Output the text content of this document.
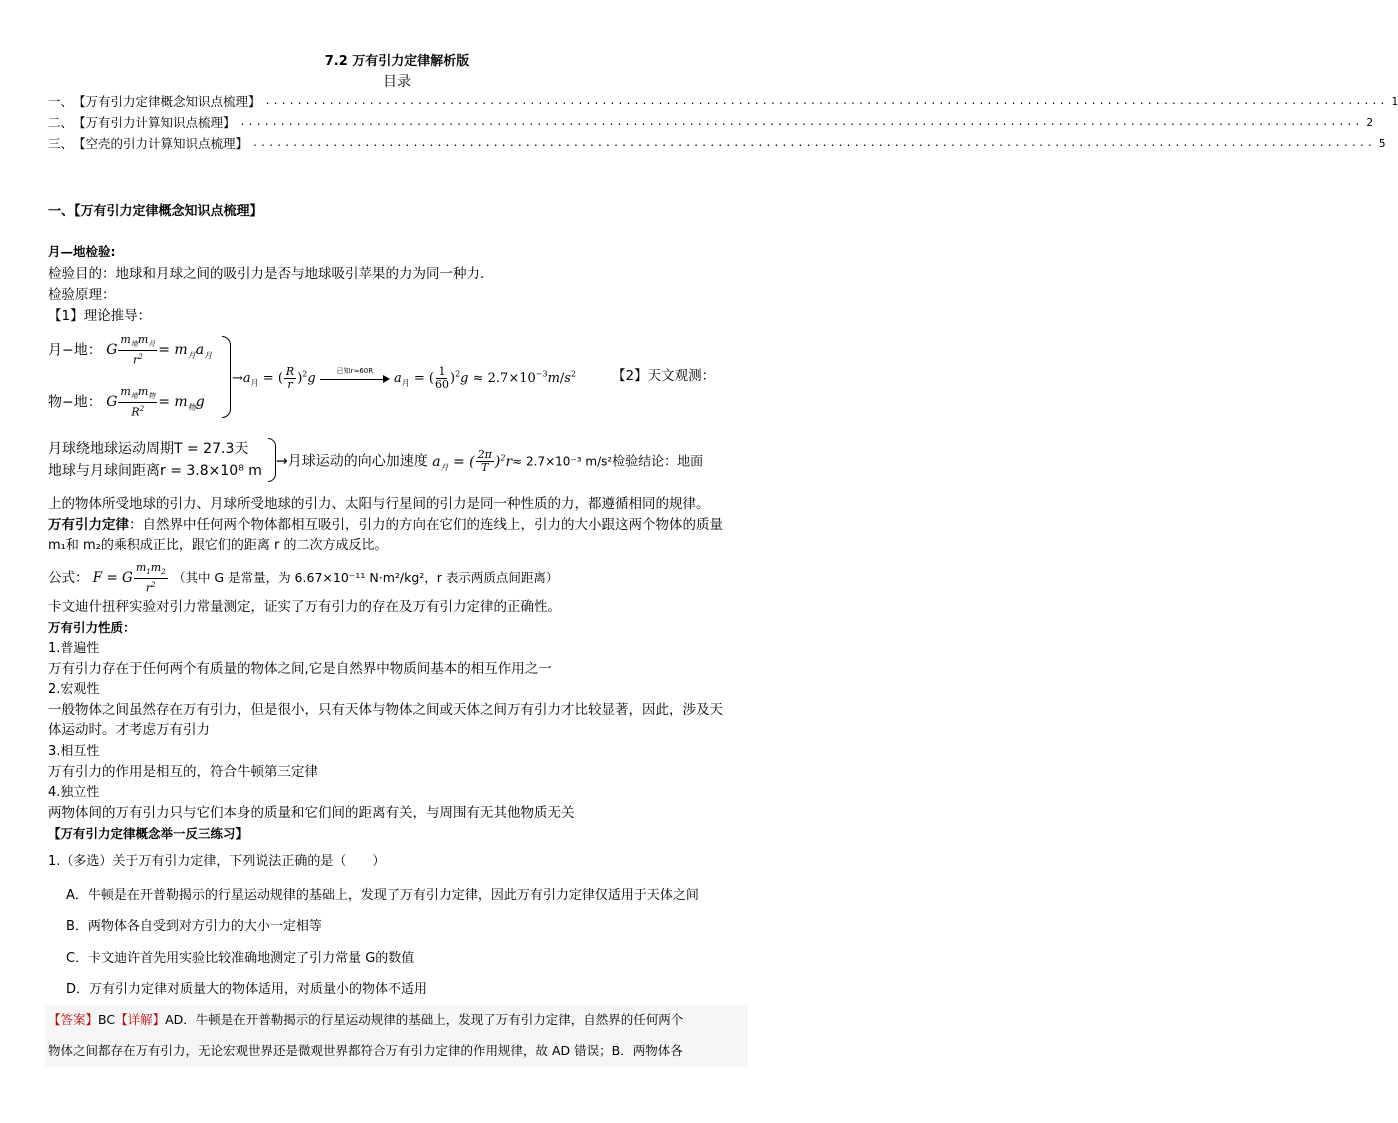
7.2 万有引力定律解析版
目录
一、 【万有引力定律概念知识点梳理】 ............................................................................................................................................ 1
二、 【万有引力计算知识点梳理】 ............................................................................................................................................ 2
三、 【空壳的引力计算知识点梳理】 ............................................................................................................................................ 5
一、【万有引力定律概念知识点梳理】
月—地检验:
检验目的：地球和月球之间的吸引力是否与地球吸引苹果的力为同一种力．
检验原理：
【1】理论推导：
月−地： G $\frac{m_地m_月}{r^2} = m_月a_月$
物−地： G $\frac{m_地m_物}{R^2} = m_物g$
$\to a_月$ = ( $\frac{R}{r} )^2g$
已知r≈60R
$a_月$ = ( $\frac{1}{60} )^2g \approx 2.7\times 10^{-3}m/s^2$	【2】天文观测：
月球绕地球运动周期T = 27.3天
地球与月球间距离r = 3.8×10⁸ m
→月球运动的向心加速度 $a_月$ = ( $\frac{2\pi}{T} )^2r\approx 2.7\times 10^{-3}$ m/s²检验结论：地面
上的物体所受地球的引力、月球所受地球的引力、太阳与行星间的引力是同一种性质的力，都遵循相同的规律。
万有引力定律：自然界中任何两个物体都相互吸引，引力的方向在它们的连线上，引力的大小跟这两个物体的质量
m₁和 m₂的乘积成正比，跟它们的距离 r 的二次方成反比。
公式： F = G $\frac{m_1m_2}{r^2}$ （其中 G 是常量，为 6.67×10⁻¹¹ N·m²/kg²，r 表示两质点间距离）
卡文迪什扭秤实验对引力常量测定，证实了万有引力的存在及万有引力定律的正确性。
万有引力性质：
1.普遍性
万有引力存在于任何两个有质量的物体之间,它是自然界中物质间基本的相互作用之一
2.宏观性
一般物体之间虽然存在万有引力，但是很小，只有天体与物体之间或天体之间万有引力才比较显著，因此，涉及天
体运动时。才考虑万有引力
3.相互性
万有引力的作用是相互的，符合牛顿第三定律
4.独立性
两物体间的万有引力只与它们本身的质量和它们间的距离有关，与周围有无其他物质无关
【万有引力定律概念举一反三练习】
1.（多选）关于万有引力定律，下列说法正确的是（　　）
A．牛顿是在开普勒揭示的行星运动规律的基础上，发现了万有引力定律，因此万有引力定律仅适用于天体之间
B．两物体各自受到对方引力的大小一定相等
C．卡文迪许首先用实验比较准确地测定了引力常量 G的数值
D．万有引力定律对质量大的物体适用，对质量小的物体不适用
【答案】BC【详解】AD．牛顿是在开普勒揭示的行星运动规律的基础上，发现了万有引力定律，自然界的任何两个
物体之间都存在万有引力，无论宏观世界还是微观世界都符合万有引力定律的作用规律，故 AD 错误；B．两物体各
